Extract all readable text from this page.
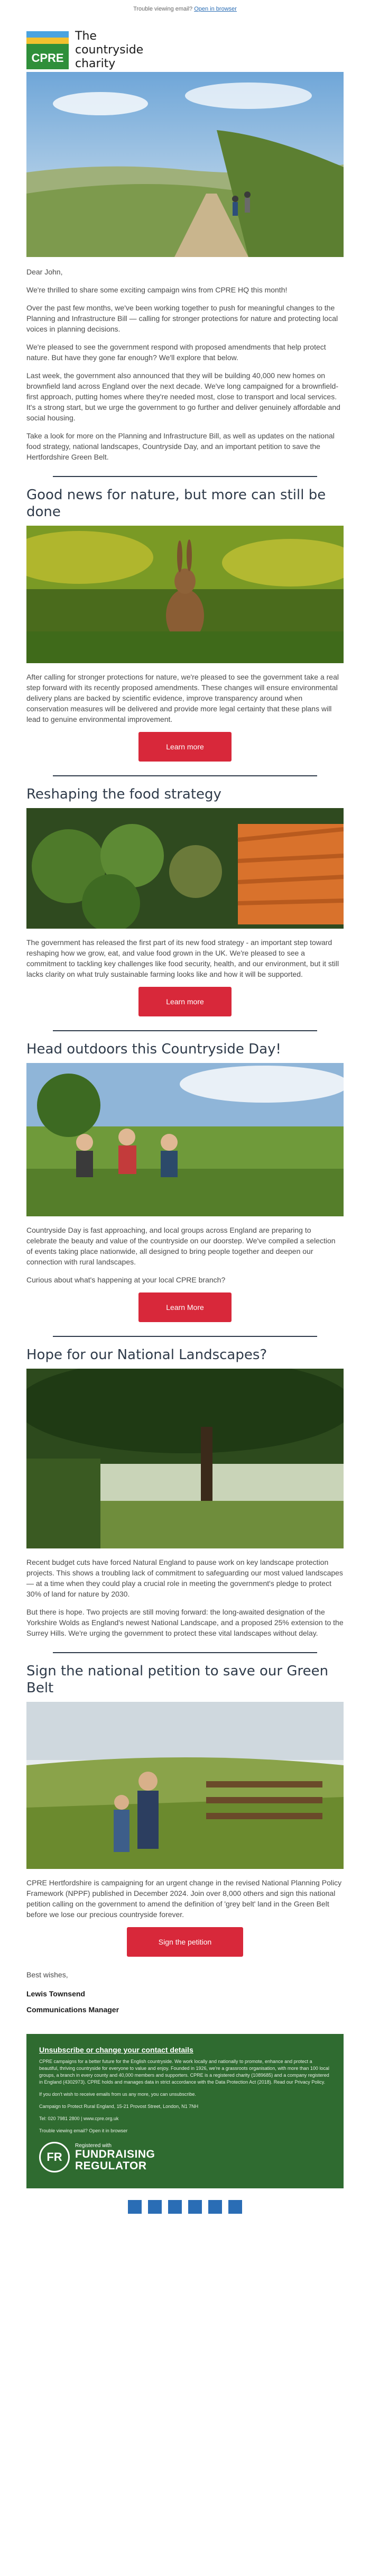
Trouble viewing email? Open in browser
CPRE
The
countryside
charity

Dear John,

We're thrilled to share some exciting campaign wins from CPRE HQ this month!

Over the past few months, we've been working together to push for meaningful changes to the Planning and Infrastructure Bill — calling for stronger protections for nature and protecting local voices in planning decisions.

We're pleased to see the government respond with proposed amendments that help protect nature. But have they gone far enough? We'll explore that below.

Last week, the government also announced that they will be building 40,000 new homes on brownfield land across England over the next decade. We've long campaigned for a brownfield-first approach, putting homes where they're needed most, close to transport and local services. It's a strong start, but we urge the government to go further and deliver genuinely affordable and social housing.

Take a look for more on the Planning and Infrastructure Bill, as well as updates on the national food strategy, national landscapes, Countryside Day, and an important petition to save the Hertfordshire Green Belt.

Good news for nature, but more can still be done

After calling for stronger protections for nature, we're pleased to see the government take a real step forward with its recently proposed amendments. These changes will ensure environmental delivery plans are backed by scientific evidence, improve transparency around when conservation measures will be delivered and provide more legal certainty that these plans will lead to genuine environmental improvement.

Learn more
Reshaping the food strategy

The government has released the first part of its new food strategy - an important step toward reshaping how we grow, eat, and value food grown in the UK. We're pleased to see a commitment to tackling key challenges like food security, health, and our environment, but it still lacks clarity on what truly sustainable farming looks like and how it will be supported.

Learn more
Head outdoors this Countryside Day!

Countryside Day is fast approaching, and local groups across England are preparing to celebrate the beauty and value of the countryside on our doorstep. We've compiled a selection of events taking place nationwide, all designed to bring people together and deepen our connection with rural landscapes.

Curious about what's happening at your local CPRE branch?

Learn More
Hope for our National Landscapes?

Recent budget cuts have forced Natural England to pause work on key landscape protection projects. This shows a troubling lack of commitment to safeguarding our most valued landscapes — at a time when they could play a crucial role in meeting the government's pledge to protect 30% of land for nature by 2030.

But there is hope. Two projects are still moving forward: the long-awaited designation of the Yorkshire Wolds as England's newest National Landscape, and a proposed 25% extension to the Surrey Hills. We're urging the government to protect these vital landscapes without delay.

Sign the national petition to save our Green Belt

CPRE Hertfordshire is campaigning for an urgent change in the revised National Planning Policy Framework (NPPF) published in December 2024. Join over 8,000 others and sign this national petition calling on the government to amend the definition of 'grey belt' land in the Green Belt before we lose our precious countryside forever.

Sign the petition

Best wishes,

Lewis Townsend

Communications Manager

Unsubscribe or change your contact details

CPRE campaigns for a better future for the English countryside. We work locally and nationally to promote, enhance and protect a beautiful, thriving countryside for everyone to value and enjoy. Founded in 1926, we're a grassroots organisation, with more than 100 local groups, a branch in every county and 40,000 members and supporters. CPRE is a registered charity (1089685) and a company registered in England (4302973). CPRE holds and manages data in strict accordance with the Data Protection Act (2018). Read our Privacy Policy.

If you don't wish to receive emails from us any more, you can unsubscribe.

Campaign to Protect Rural England, 15-21 Provost Street, London, N1 7NH

Tel: 020 7981 2800 | www.cpre.org.uk

Trouble viewing email? Open it in browser

FR
Registered with
FUNDRAISING
REGULATOR
